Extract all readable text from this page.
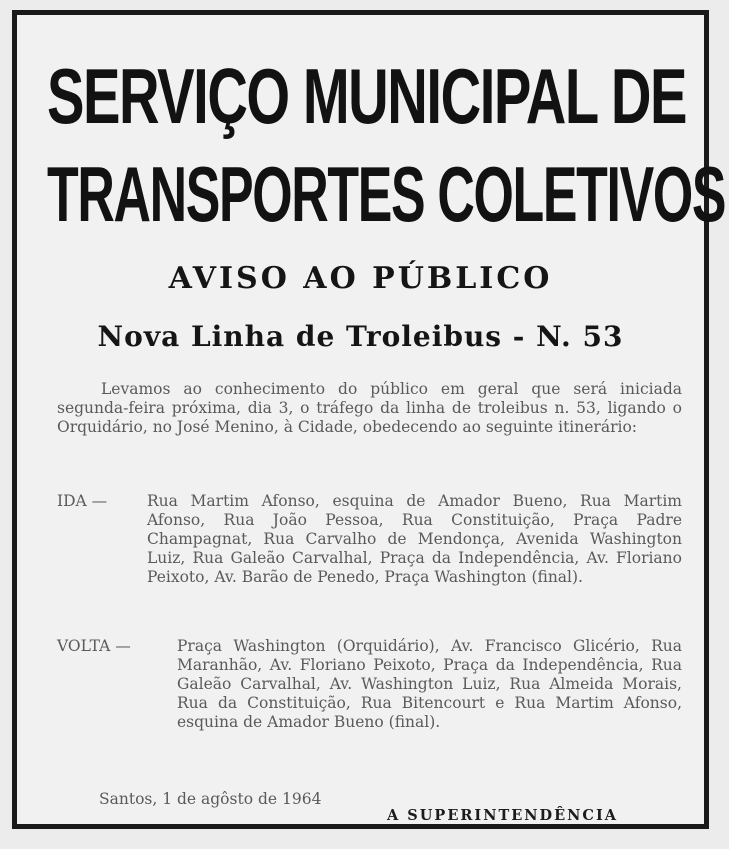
SERVIÇO MUNICIPAL DE
TRANSPORTES COLETIVOS
AVISO AO PÚBLICO
Nova Linha de Troleibus - N. 53
Levamos ao conhecimento do público em geral que será iniciada segunda-feira próxima, dia 3, o tráfego da linha de troleibus n. 53, ligando o Orquidário, no José Menino, à Cidade, obedecendo ao seguinte itinerário:
IDA —	Rua Martim Afonso, esquina de Amador Bueno, Rua Martim Afonso, Rua João Pessoa, Rua Constituição, Praça Padre Champagnat, Rua Carvalho de Mendonça, Avenida Washington Luiz, Rua Galeão Carvalhal, Praça da Independência, Av. Floriano Peixoto, Av. Barão de Penedo, Praça Washington (final).
VOLTA —	Praça Washington (Orquidário), Av. Francisco Glicério, Rua Maranhão, Av. Floriano Peixoto, Praça da Independência, Rua Galeão Carvalhal, Av. Washington Luiz, Rua Almeida Morais, Rua da Constituição, Rua Bitencourt e Rua Martim Afonso, esquina de Amador Bueno (final).
Santos, 1 de agôsto de 1964
A SUPERINTENDÊNCIA
